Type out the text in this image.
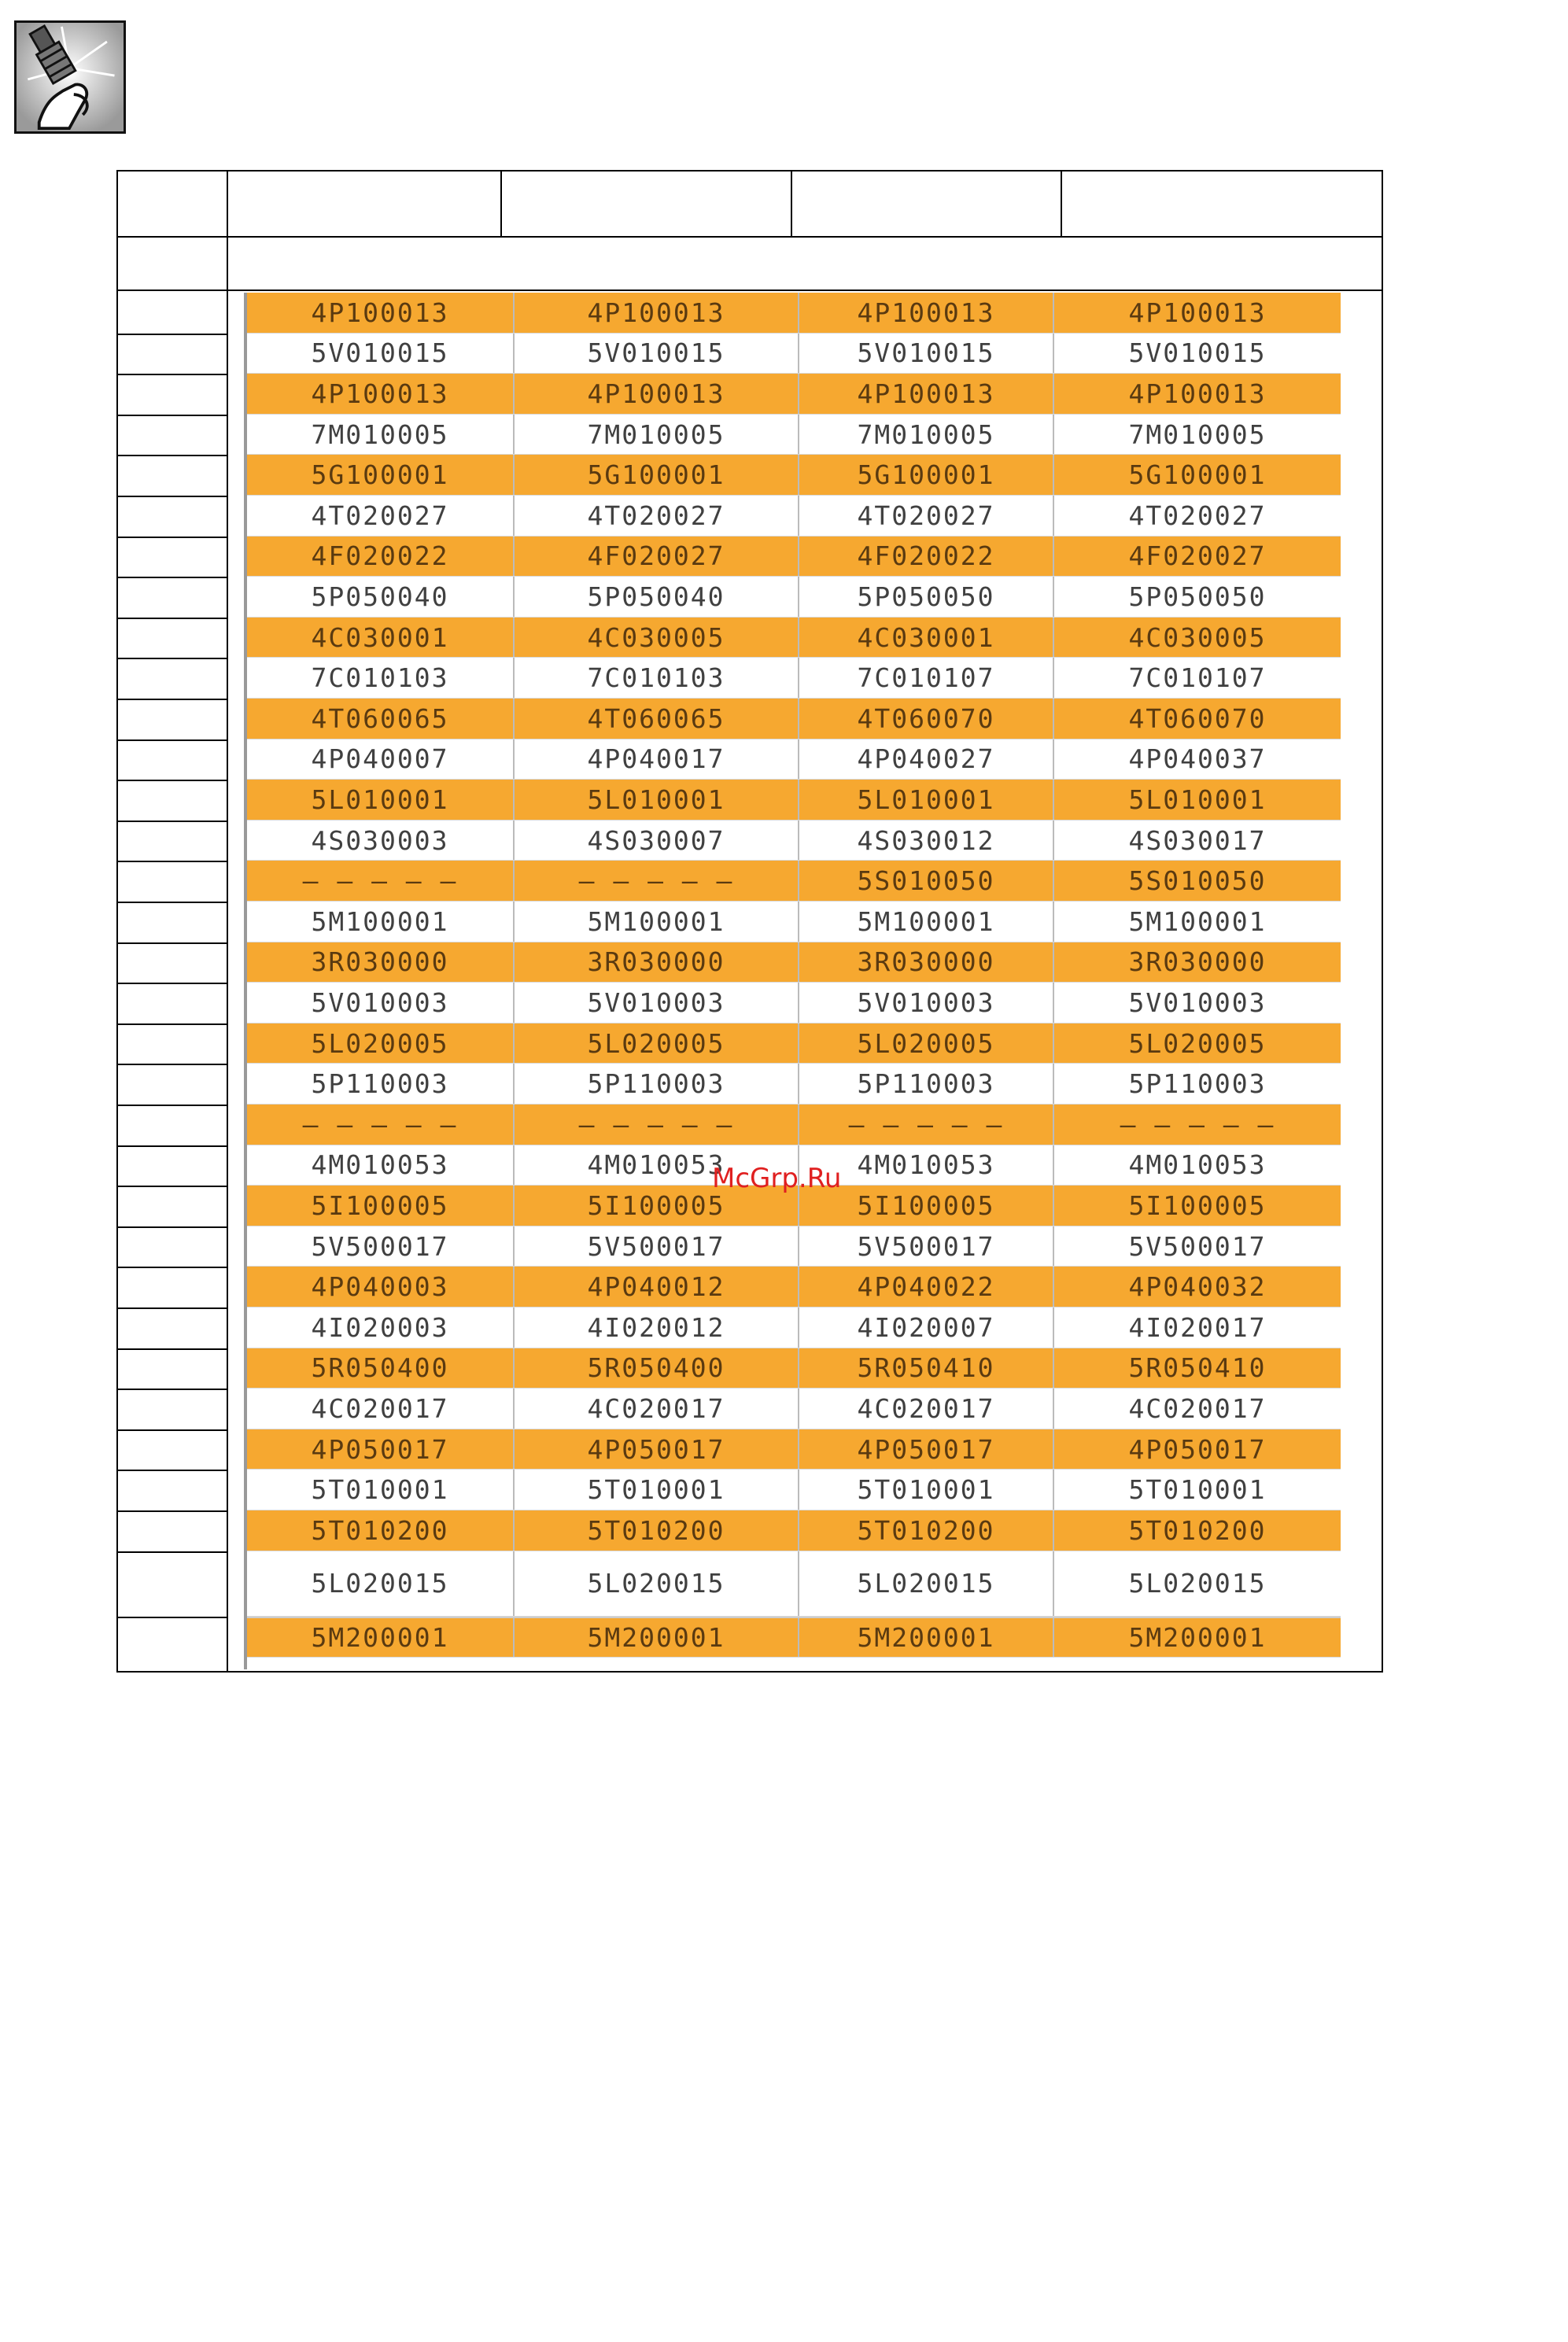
4P100013	4P100013	4P100013	4P100013
5V010015	5V010015	5V010015	5V010015
4P100013	4P100013	4P100013	4P100013
7M010005	7M010005	7M010005	7M010005
5G100001	5G100001	5G100001	5G100001
4T020027	4T020027	4T020027	4T020027
4F020022	4F020027	4F020022	4F020027
5P050040	5P050040	5P050050	5P050050
4C030001	4C030005	4C030001	4C030005
7C010103	7C010103	7C010107	7C010107
4T060065	4T060065	4T060070	4T060070
4P040007	4P040017	4P040027	4P040037
5L010001	5L010001	5L010001	5L010001
4S030003	4S030007	4S030012	4S030017
— — — — —	— — — — —	5S010050	5S010050
5M100001	5M100001	5M100001	5M100001
3R030000	3R030000	3R030000	3R030000
5V010003	5V010003	5V010003	5V010003
5L020005	5L020005	5L020005	5L020005
5P110003	5P110003	5P110003	5P110003
— — — — —	— — — — —	— — — — —	— — — — —
4M010053	4M010053	4M010053	4M010053
5I100005	5I100005	5I100005	5I100005
5V500017	5V500017	5V500017	5V500017
4P040003	4P040012	4P040022	4P040032
4I020003	4I020012	4I020007	4I020017
5R050400	5R050400	5R050410	5R050410
4C020017	4C020017	4C020017	4C020017
4P050017	4P050017	4P050017	4P050017
5T010001	5T010001	5T010001	5T010001
5T010200	5T010200	5T010200	5T010200
5L020015	5L020015	5L020015	5L020015
5M200001	5M200001	5M200001	5M200001
McGrp.Ru
